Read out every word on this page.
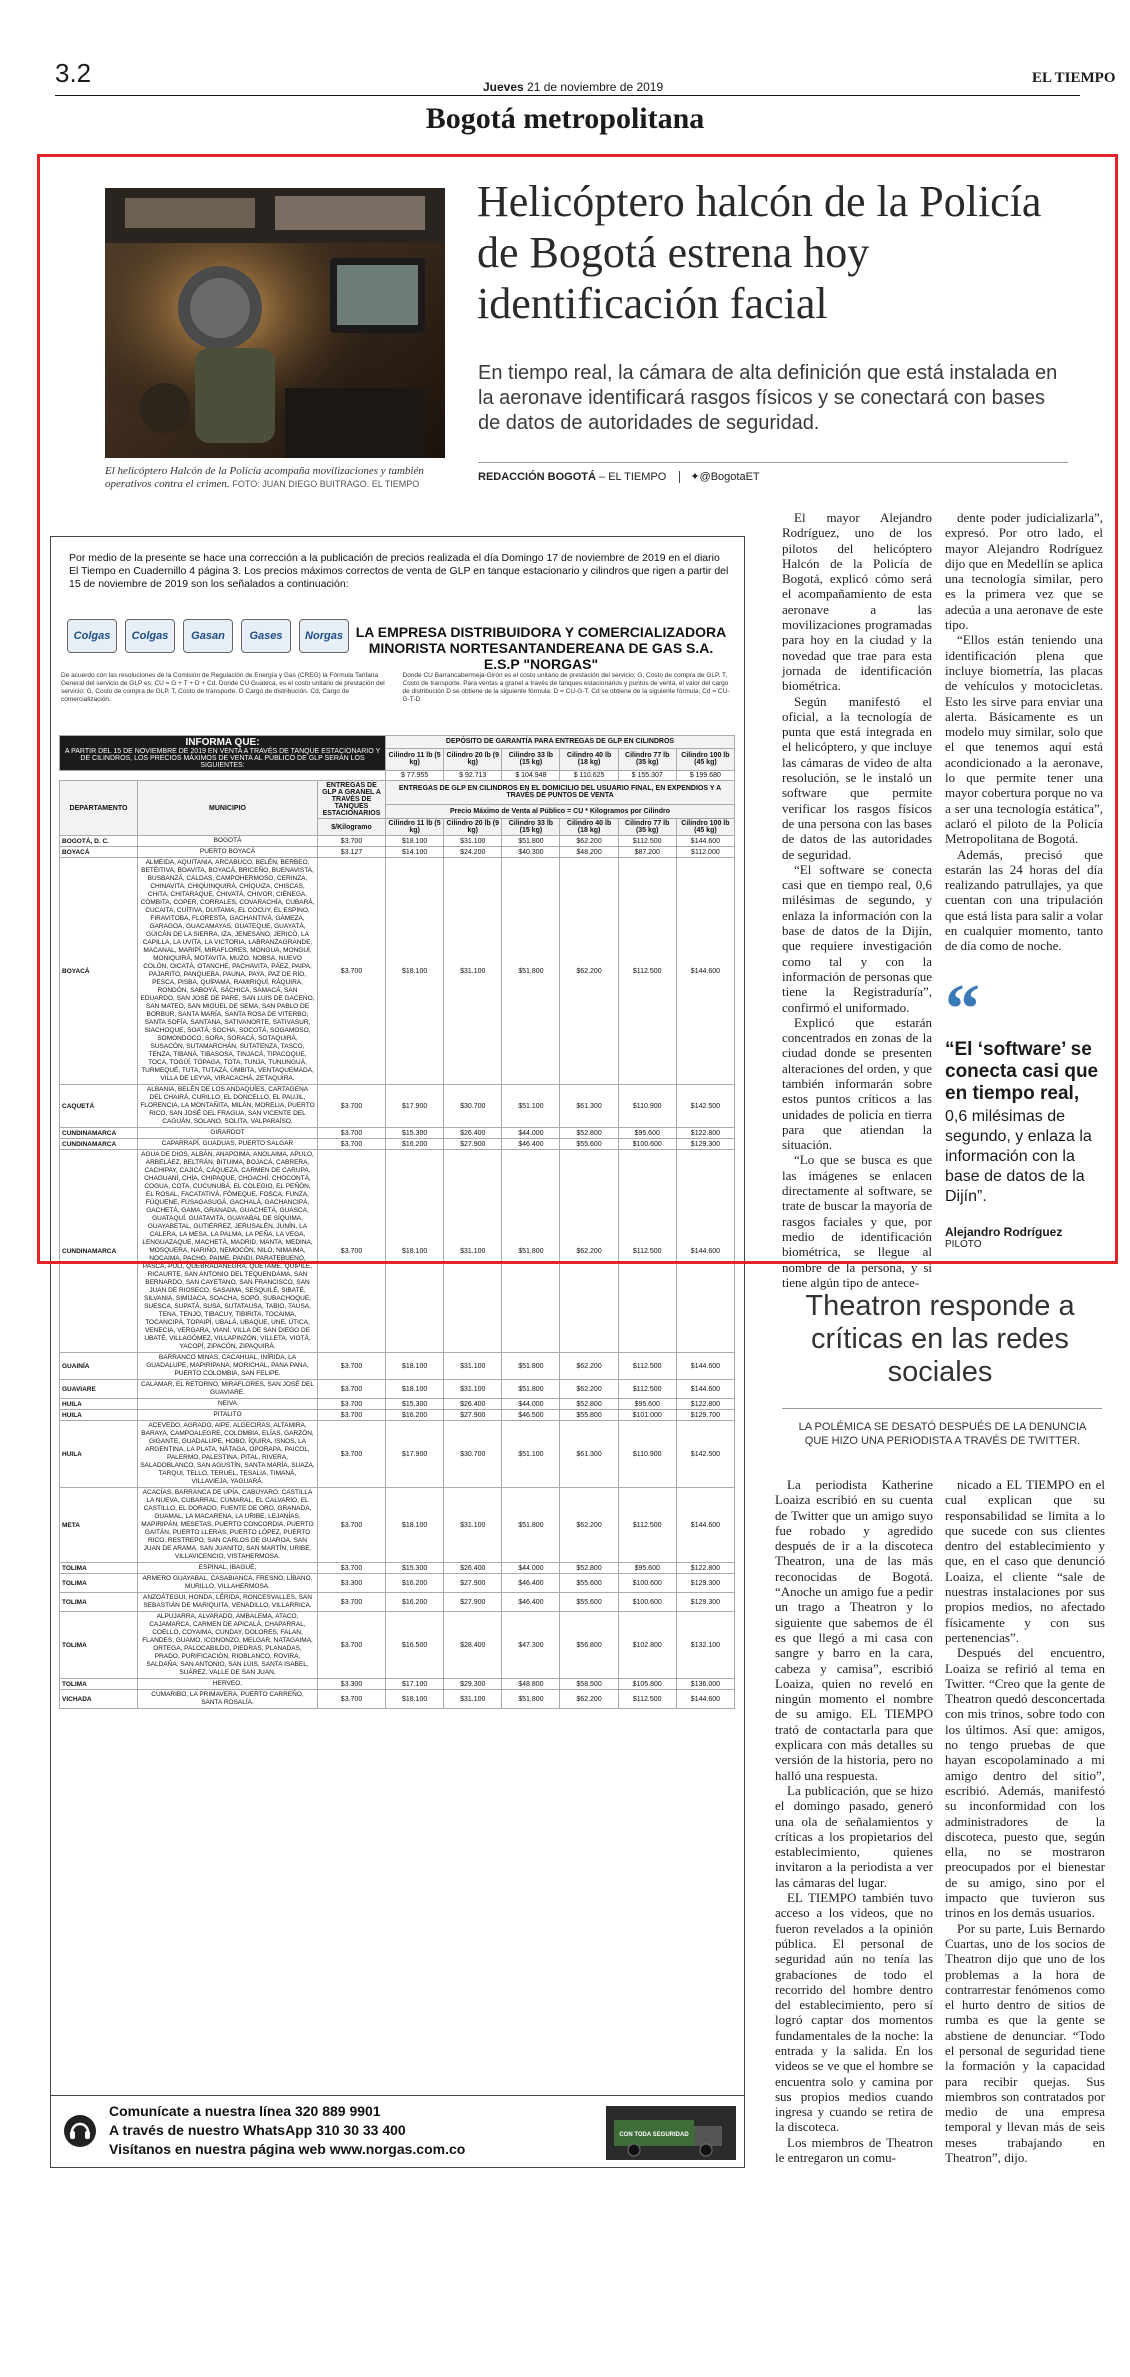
3.2	Jueves 21 de noviembre de 2019
EL TIEMPO
Bogotá metropolitana
El helicóptero Halcón de la Policía acompaña movilizaciones y también operativos contra el crimen. FOTO: JUAN DIEGO BUITRAGO. EL TIEMPO
Helicóptero halcón de la Policía de Bogotá estrena hoy identificación facial
En tiempo real, la cámara de alta definición que está instalada en la aeronave identificará rasgos físicos y se conectará con bases de datos de autoridades de seguridad.
REDACCIÓN BOGOTÁ – EL TIEMPO ✦@BogotaET

El mayor Alejandro Rodríguez, uno de los pilotos del helicóptero Halcón de la Policía de Bogotá, explicó cómo será el acompañamiento de esta aeronave a las movilizaciones programadas para hoy en la ciudad y la novedad que trae para esta jornada de identificación biométrica.

Según manifestó el oficial, a la tecnología de punta que está integrada en el helicóptero, y que incluye las cámaras de video de alta resolución, se le instaló un software que permite verificar los rasgos físicos de una persona con las bases de datos de las autoridades de seguridad.

“El software se conecta casi que en tiempo real, 0,6 milésimas de segundo, y enlaza la información con la base de datos de la Dijín, que requiere investigación como tal y con la información de personas que tiene la Registraduría”, confirmó el uniformado.

Explicó que estarán concentrados en zonas de la ciudad donde se presenten alteraciones del orden, y que también informarán sobre estos puntos críticos a las unidades de policía en tierra para que atiendan la situación.

“Lo que se busca es que las imágenes se enlacen directamente al software, se trate de buscar la mayoría de rasgos faciales y que, por medio de identificación biométrica, se llegue al nombre de la persona, y si tiene algún tipo de antece-

dente poder judicializarla”, expresó. Por otro lado, el mayor Alejandro Rodríguez dijo que en Medellín se aplica una tecnología similar, pero es la primera vez que se adecúa a una aeronave de este tipo.

“Ellos están teniendo una identificación plena que incluye biometría, las placas de vehículos y motocicletas. Esto les sirve para enviar una alerta. Básicamente es un modelo muy similar, solo que el que tenemos aquí está acondicionado a la aeronave, lo que permite tener una mayor cobertura porque no va a ser una tecnología estática”, aclaró el piloto de la Policía Metropolitana de Bogotá.

Además, precisó que estarán las 24 horas del día realizando patrullajes, ya que cuentan con una tripulación que está lista para salir a volar en cualquier momento, tanto de día como de noche.

“
“El ‘software’ se conecta casi que en tiempo real,
0,6 milésimas de segundo, y enlaza la información con la base de datos de la Dijín”.
Alejandro Rodríguez
PILOTO
Theatron responde a críticas en las redes sociales
LA POLÉMICA SE DESATÓ DESPUÉS DE LA DENUNCIA QUE HIZO UNA PERIODISTA A TRAVÉS DE TWITTER.

La periodista Katherine Loaiza escribió en su cuenta de Twitter que un amigo suyo fue robado y agredido después de ir a la discoteca Theatron, una de las más reconocidas de Bogotá. “Anoche un amigo fue a pedir un trago a Theatron y lo siguiente que sabemos de él es que llegó a mi casa con sangre y barro en la cara, cabeza y camisa”, escribió Loaiza, quien no reveló en ningún momento el nombre de su amigo. EL TIEMPO trató de contactarla para que explicara con más detalles su versión de la historia, pero no halló una respuesta.

La publicación, que se hizo el domingo pasado, generó una ola de señalamientos y críticas a los propietarios del establecimiento, quienes invitaron a la periodista a ver las cámaras del lugar.

EL TIEMPO también tuvo acceso a los videos, que no fueron revelados a la opinión pública. El personal de seguridad aún no tenía las grabaciones de todo el recorrido del hombre dentro del establecimiento, pero sí logró captar dos momentos fundamentales de la noche: la entrada y la salida. En los videos se ve que el hombre se encuentra solo y camina por sus propios medios cuando ingresa y cuando se retira de la discoteca.

Los miembros de Theatron le entregaron un comu-

nicado a EL TIEMPO en el cual explican que su responsabilidad se limita a lo que sucede con sus clientes dentro del establecimiento y que, en el caso que denunció Loaiza, el cliente “sale de nuestras instalaciones por sus propios medios, no afectado físicamente y con sus pertenencias”.

Después del encuentro, Loaiza se refirió al tema en Twitter. “Creo que la gente de Theatron quedó desconcertada con mis trinos, sobre todo con los últimos. Así que: amigos, no tengo pruebas de que hayan escopolaminado a mi amigo dentro del sitio”, escribió. Además, manifestó su inconformidad con los administradores de la discoteca, puesto que, según ella, no se mostraron preocupados por el bienestar de su amigo, sino por el impacto que tuvieron sus trinos en los demás usuarios.

Por su parte, Luis Bernardo Cuartas, uno de los socios de Theatron dijo que uno de los problemas a la hora de contrarrestar fenómenos como el hurto dentro de sitios de rumba es que la gente se abstiene de denunciar. “Todo el personal de seguridad tiene la formación y la capacidad para recibir quejas. Sus miembros son contratados por medio de una empresa temporal y llevan más de seis meses trabajando en Theatron”, dijo.

Por medio de la presente se hace una corrección a la publicación de precios realizada el día Domingo 17 de noviembre de 2019 en el diario El Tiempo en Cuadernillo 4 página 3. Los precios máximos correctos de venta de GLP en tanque estacionario y cilindros que rigen a partir del 15 de noviembre de 2019 son los señalados a continuación:
Colgas	Colgas	Gasan	Gases	Norgas LA EMPRESA DISTRIBUIDORA Y COMERCIALIZADORA MINORISTA NORTESANTANDEREANA DE GAS S.A. E.S.P "NORGAS"
De acuerdo con las resoluciones de la Comisión de Regulación de Energía y Gas (CREG) la Fórmula Tarifaria General del servicio de GLP es: CU = G + T + D + Cd. Donde CU Guateca, es el costo unitario de prestación del servicio; G, Costo de compra de GLP. T, Costo de transporte. D Cargo de distribución. Cd, Cargo de comercialización.
Donde CU Barrancabermeja-Girón es el costo unitario de prestación del servicio; G, Costo de compra de GLP. T, Costo de transporte. Para ventas a granel a través de tanques estacionarios y puntos de venta, el valor del cargo de distribución D se obtiene de la siguiente fórmula: D = CU-G-T. Cd se obtiene de la siguiente fórmula: Cd = CU-G-T-D
INFORMA QUE:
A PARTIR DEL 15 DE NOVIEMBRE DE 2019 EN VENTA A TRAVÉS DE TANQUE ESTACIONARIO Y DE CILINDROS, LOS PRECIOS MÁXIMOS DE VENTA AL PÚBLICO DE GLP SERÁN LOS SIGUIENTES:			DEPÓSITO DE GARANTÍA PARA ENTREGAS DE GLP EN CILINDROS					
			Cilindro 11 lb (5 kg)	Cilindro 20 lb (9 kg)	Cilindro 33 lb (15 kg)	Cilindro 40 lb (18 kg)	Cilindro 77 lb (35 kg)	Cilindro 100 lb (45 kg)
			$ 77.955	$ 92.713	$ 104.948	$ 110.625	$ 155.307	$ 199.680
DEPARTAMENTO	MUNICIPIO	ENTREGAS DE GLP A GRANEL A TRAVÉS DE TANQUES ESTACIONARIOS	ENTREGAS DE GLP EN CILINDROS EN EL DOMICILIO DEL USUARIO FINAL, EN EXPENDIOS Y A TRAVÉS DE PUNTOS DE VENTA					
			Precio Máximo de Venta al Público = CU * Kilogramos por Cilindro					
		$/Kilogramo	Cilindro 11 lb (5 kg)	Cilindro 20 lb (9 kg)	Cilindro 33 lb (15 kg)	Cilindro 40 lb (18 kg)	Cilindro 77 lb (35 kg)	Cilindro 100 lb (45 kg)
BOGOTÁ, D. C.	BOGOTÁ	$3.700	$18.100	$31.100	$51.800	$62.200	$112.500	$144.600
BOYACÁ	PUERTO BOYACÁ	$3.127	$14.100	$24.200	$40.300	$48.200	$87.200	$112.000
BOYACÁ	ALMEIDA, AQUITANIA, ARCABUCO, BELÉN, BERBEO, BETÉITIVA, BOAVITA, BOYACÁ, BRICEÑO, BUENAVISTA, BUSBANZÁ, CALDAS, CAMPOHERMOSO, CERINZA, CHINAVITA, CHIQUINQUIRÁ, CHÍQUIZA, CHISCAS, CHITA, CHITARAQUE, CHIVATÁ, CHIVOR, CIÉNEGA, CÓMBITA, COPER, CORRALES, COVARACHÍA, CUBARÁ, CUCAITA, CUÍTIVA, DUITAMA, EL COCUY, EL ESPINO, FIRAVITOBA, FLORESTA, GACHANTIVÁ, GÁMEZA, GARAGOA, GUACAMAYAS, GUATEQUE, GUAYATÁ, GÜICÁN DE LA SIERRA, IZA, JENESANO, JERICÓ, LA CAPILLA, LA UVITA, LA VICTORIA, LABRANZAGRANDE, MACANAL, MARIPÍ, MIRAFLORES, MONGUA, MONGUÍ, MONIQUIRÁ, MOTAVITA, MUZO, NOBSA, NUEVO COLÓN, OICATÁ, OTANCHE, PACHAVITA, PÁEZ, PAIPA, PAJARITO, PANQUEBA, PAUNA, PAYA, PAZ DE RÍO, PESCA, PISBA, QUÍPAMA, RAMIRIQUÍ, RÁQUIRA, RONDÓN, SABOYÁ, SÁCHICA, SAMACÁ, SAN EDUARDO, SAN JOSÉ DE PARE, SAN LUIS DE GACENO, SAN MATEO, SAN MIGUEL DE SEMA, SAN PABLO DE BORBUR, SANTA MARÍA, SANTA ROSA DE VITERBO, SANTA SOFÍA, SANTANA, SATIVANORTE, SATIVASUR, SIACHOQUE, SOATÁ, SOCHA, SOCOTÁ, SOGAMOSO, SOMONDOCO, SORA, SORACÁ, SOTAQUIRÁ, SUSACÓN, SUTAMARCHÁN, SUTATENZA, TASCO, TENZA, TIBANÁ, TIBASOSA, TINJACÁ, TIPACOQUE, TOCA, TOGÜÍ, TÓPAGA, TOTA, TUNJA, TUNUNGUÁ, TURMEQUÉ, TUTA, TUTAZÁ, ÚMBITA, VENTAQUEMADA, VILLA DE LEYVA, VIRACACHÁ, ZETAQUIRA.	$3.700	$18.100	$31.100	$51.800	$62.200	$112.500	$144.600
CAQUETÁ	ALBANIA, BELÉN DE LOS ANDAQUÍES, CARTAGENA DEL CHAIRÁ, CURILLO, EL DONCELLO, EL PAUJIL, FLORENCIA, LA MONTAÑITA, MILÁN, MORELIA, PUERTO RICO, SAN JOSÉ DEL FRAGUA, SAN VICENTE DEL CAGUÁN, SOLANO, SOLITA, VALPARAÍSO.	$3.700	$17.900	$30.700	$51.100	$61.300	$110.900	$142.500
CUNDINAMARCA	GIRARDOT	$3.700	$15.300	$26.400	$44.000	$52.800	$95.600	$122.800
CUNDINAMARCA	CAPARRAPÍ, GUADUAS, PUERTO SALGAR	$3.700	$16.200	$27.900	$46.400	$55.600	$100.600	$129.300
CUNDINAMARCA	AGUA DE DIOS, ALBÁN, ANAPOIMA, ANOLAIMA, APULO, ARBELÁEZ, BELTRÁN, BITUIMA, BOJACÁ, CABRERA, CACHIPAY, CAJICÁ, CÁQUEZA, CARMEN DE CARUPA, CHAGUANÍ, CHÍA, CHIPAQUE, CHOACHÍ, CHOCONTÁ, COGUA, COTA, CUCUNUBÁ, EL COLEGIO, EL PEÑÓN, EL ROSAL, FACATATIVÁ, FÓMEQUE, FOSCA, FUNZA, FÚQUENE, FUSAGASUGÁ, GACHALÁ, GACHANCIPÁ, GACHETÁ, GAMA, GRANADA, GUACHETÁ, GUASCA, GUATAQUÍ, GUATAVITA, GUAYABAL DE SÍQUIMA, GUAYABETAL, GUTIÉRREZ, JERUSALÉN, JUNÍN, LA CALERA, LA MESA, LA PALMA, LA PEÑA, LA VEGA, LENGUAZAQUE, MACHETÁ, MADRID, MANTA, MEDINA, MOSQUERA, NARIÑO, NEMOCÓN, NILO, NIMAIMA, NOCAIMA, PACHO, PAIME, PANDI, PARATEBUENO, PASCA, PULÍ, QUEBRADANEGRA, QUETAME, QUIPILE, RICAURTE, SAN ANTONIO DEL TEQUENDAMA, SAN BERNARDO, SAN CAYETANO, SAN FRANCISCO, SAN JUAN DE RIOSECO, SASAIMA, SESQUILÉ, SIBATÉ, SILVANIA, SIMIJACA, SOACHA, SOPÓ, SUBACHOQUE, SUESCA, SUPATÁ, SUSA, SUTATAUSA, TABIO, TAUSA, TENA, TENJO, TIBACUY, TIBIRITA, TOCAIMA, TOCANCIPÁ, TOPAIPÍ, UBALÁ, UBAQUE, UNE, ÚTICA, VENECIA, VERGARA, VIANÍ, VILLA DE SAN DIEGO DE UBATÉ, VILLAGÓMEZ, VILLAPINZÓN, VILLETA, VIOTÁ, YACOPÍ, ZIPACÓN, ZIPAQUIRÁ.	$3.700	$18.100	$31.100	$51.800	$62.200	$112.500	$144.600
GUAINÍA	BARRANCO MINAS, CACAHUAL, INÍRIDA, LA GUADALUPE, MAPIRIPANA, MORICHAL, PANA PANA, PUERTO COLOMBIA, SAN FELIPE.	$3.700	$18.100	$31.100	$51.800	$62.200	$112.500	$144.600
GUAVIARE	CALAMAR, EL RETORNO, MIRAFLORES, SAN JOSÉ DEL GUAVIARE.	$3.700	$18.100	$31.100	$51.800	$62.200	$112.500	$144.600
HUILA	NEIVA	$3.700	$15.300	$26.400	$44.000	$52.800	$95.600	$122.800
HUILA	PITALITO	$3.700	$16.200	$27.900	$46.500	$55.800	$101.000	$129.700
HUILA	ACEVEDO, AGRADO, AIPE, ALGECIRAS, ALTAMIRA, BARAYA, CAMPOALEGRE, COLOMBIA, ELÍAS, GARZÓN, GIGANTE, GUADALUPE, HOBO, ÍQUIRA, ISNOS, LA ARGENTINA, LA PLATA, NÁTAGA, OPORAPA, PAICOL, PALERMO, PALESTINA, PITAL, RIVERA, SALADOBLANCO, SAN AGUSTÍN, SANTA MARÍA, SUAZA, TARQUI, TELLO, TERUEL, TESALIA, TIMANÁ, VILLAVIEJA, YAGUARÁ.	$3.700	$17.900	$30.700	$51.100	$61.300	$110.900	$142.500
META	ACACÍAS, BARRANCA DE UPÍA, CABUYARO, CASTILLA LA NUEVA, CUBARRAL, CUMARAL, EL CALVARIO, EL CASTILLO, EL DORADO, FUENTE DE ORO, GRANADA, GUAMAL, LA MACARENA, LA URIBE, LEJANÍAS, MAPIRIPÁN, MESETAS, PUERTO CONCORDIA, PUERTO GAITÁN, PUERTO LLERAS, PUERTO LÓPEZ, PUERTO RICO, RESTREPO, SAN CARLOS DE GUAROA, SAN JUAN DE ARAMA, SAN JUANITO, SAN MARTÍN, URIBE, VILLAVICENCIO, VISTAHERMOSA.	$3.700	$18.100	$31.100	$51.800	$62.200	$112.500	$144.600
TOLIMA	ESPINAL, IBAGUÉ,	$3.700	$15.300	$26.400	$44.000	$52.800	$95.600	$122.800
TOLIMA	ARMERO GUAYABAL, CASABIANCA, FRESNO, LÍBANO, MURILLO, VILLAHERMOSA.	$3.300	$16.200	$27.900	$46.400	$55.600	$100.600	$129.300
TOLIMA	ANZOÁTEGUI, HONDA, LÉRIDA, RONCESVALLES, SAN SEBASTIÁN DE MARIQUITA, VENADILLO, VILLARRICA.	$3.700	$16.200	$27.900	$46.400	$55.600	$100.600	$129.300
TOLIMA	ALPUJARRA, ALVARADO, AMBALEMA, ATACO, CAJAMARCA, CARMEN DE APICALÁ, CHAPARRAL, COELLO, COYAIMA, CUNDAY, DOLORES, FALAN, FLANDES, GUAMO, ICONONZO, MELGAR, NATAGAIMA, ORTEGA, PALOCABILDO, PIEDRAS, PLANADAS, PRADO, PURIFICACIÓN, RIOBLANCO, ROVIRA, SALDAÑA, SAN ANTONIO, SAN LUIS, SANTA ISABEL, SUÁREZ, VALLE DE SAN JUAN,	$3.700	$16.500	$28.400	$47.300	$56.800	$102.800	$132.100
TOLIMA	HERVEO,	$3.300	$17.100	$29.300	$48.800	$58.500	$105.800	$136.000
VICHADA	CUMARIBO, LA PRIMAVERA, PUERTO CARREÑO, SANTA ROSALÍA.	$3.700	$18.100	$31.100	$51.800	$62.200	$112.500	$144.600
Comunícate a nuestra línea 320 889 9901
A través de nuestro WhatsApp 310 30 33 400
Visítanos en nuestra página web www.norgas.com.co
CON TODA SEGURIDAD
